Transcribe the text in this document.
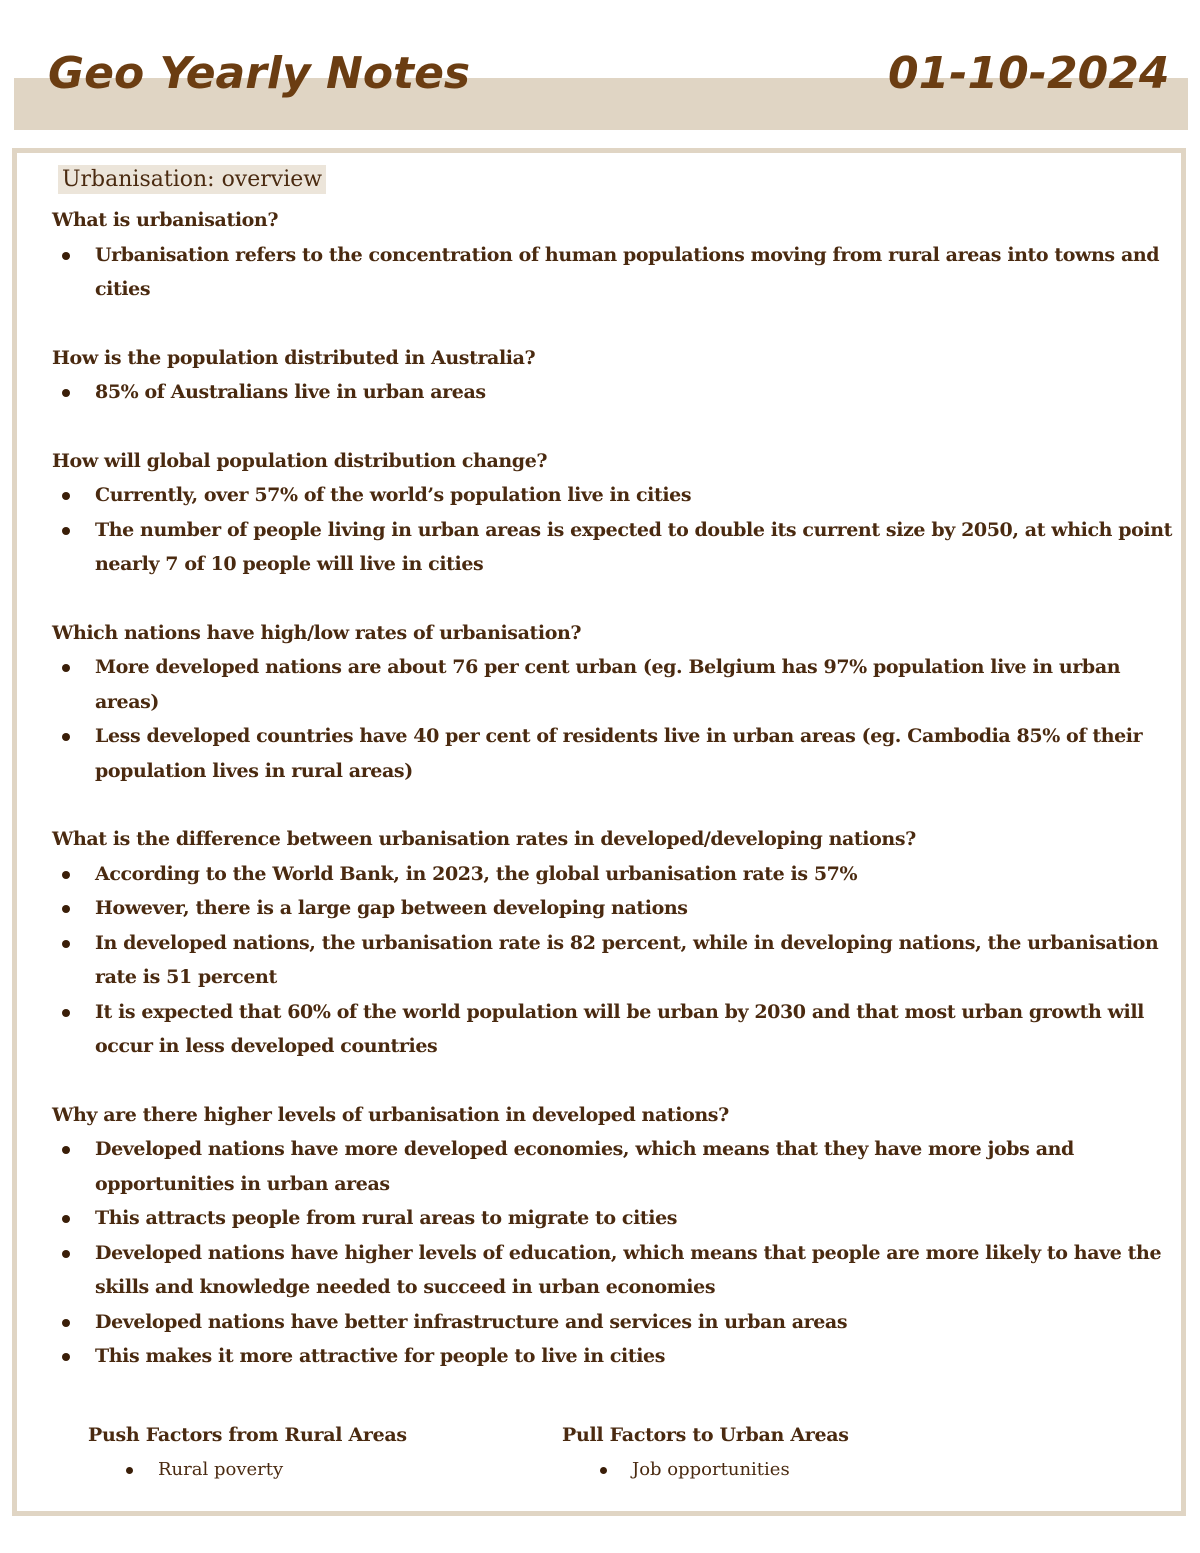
Geo Yearly Notes	01-10-2024
Urbanisation: overview
What is urbanisation?
Urbanisation refers to the concentration of human populations moving from rural areas into towns and cities
How is the population distributed in Australia?
85% of Australians live in urban areas
How will global population distribution change?
Currently, over 57% of the world’s population live in cities
The number of people living in urban areas is expected to double its current size by 2050, at which point nearly 7 of 10 people will live in cities
Which nations have high/low rates of urbanisation?
More developed nations are about 76 per cent urban (eg. Belgium has 97% population live in urban areas)
Less developed countries have 40 per cent of residents live in urban areas (eg. Cambodia 85% of their population lives in rural areas)
What is the difference between urbanisation rates in developed/developing nations?
According to the World Bank, in 2023, the global urbanisation rate is 57%
However, there is a large gap between developing nations
In developed nations, the urbanisation rate is 82 percent, while in developing nations, the urbanisation rate is 51 percent
It is expected that 60% of the world population will be urban by 2030 and that most urban growth will occur in less developed countries
Why are there higher levels of urbanisation in developed nations?
Developed nations have more developed economies, which means that they have more jobs and opportunities in urban areas
This attracts people from rural areas to migrate to cities
Developed nations have higher levels of education, which means that people are more likely to have the skills and knowledge needed to succeed in urban economies
Developed nations have better infrastructure and services in urban areas
This makes it more attractive for people to live in cities
Push Factors from Rural Areas
Rural poverty
Pull Factors to Urban Areas
Job opportunities
